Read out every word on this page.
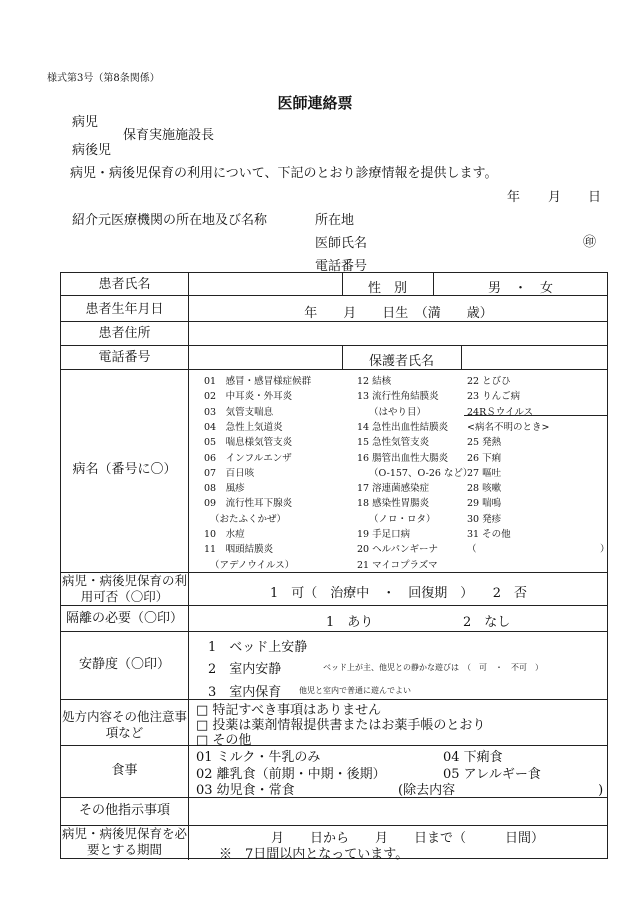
様式第3号（第8条関係）
医師連絡票
病児
保育実施施設長
病後児
病児・病後児保育の利用について、下記のとおり診療情報を提供します。
年 月 日
紹介元医療機関の所在地及び名称	所在地
医師氏名	㊞
電話番号
患者氏名	性　別	男　・　女
患者生年月日	年　　月　　日生　（満　　歳）
患者住所
電話番号	保護者氏名
病名（番号に〇）
01　感冒・感冒様症候群
02　中耳炎・外耳炎
03　気管支喘息
04　急性上気道炎
05　喘息様気管支炎
06　インフルエンザ
07　百日咳
08　風疹
09　流行性耳下腺炎
（おたふくかぜ）
10　水痘
11　咽頭結膜炎
（アデノウイルス）
12 結核
13 流行性角結膜炎
（はやり目）
14 急性出血性結膜炎
15 急性気管支炎
16 腸管出血性大腸炎
（O-157、O-26 など）
17 溶連菌感染症
18 感染性胃腸炎
（ノロ・ロタ）
19 手足口病
20 ヘルパンギーナ
21 マイコプラズマ
22 とびひ
23 りんご病
24RＳウイルス
<病名不明のとき>
25 発熱
26 下痢
27 嘔吐
28 咳嗽
29 喘鳴
30 発疹
31 その他
（　　　　　　　　　　　　　）
病児・病後児保育の利用可否（〇印）	1　可（　治療中　・　回復期　）　　2　否
隔離の必要（〇印）	1　あり	2　なし
安静度（〇印）
1　ベッド上安静
2　室内安静	ベッド上が主、他児との静かな遊びは　（　可　・　不可　）
3　室内保育 他児と室内で普通に遊んでよい
処方内容その他注意事項など
□ 特記すべき事項はありません
□ 投薬は薬剤情報提供書またはお薬手帳のとおり
□ その他
食事
01 ミルク・牛乳のみ	04 下痢食
02 離乳食（前期・中期・後期）	05 アレルギー食
03 幼児食・常食	(除去内容　　　　　　　　　　　)
その他指示事項
病児・病後児保育を必要とする期間
月　　日から　　月　　日まで（　　　日間）
※　7日間以内となっています。
